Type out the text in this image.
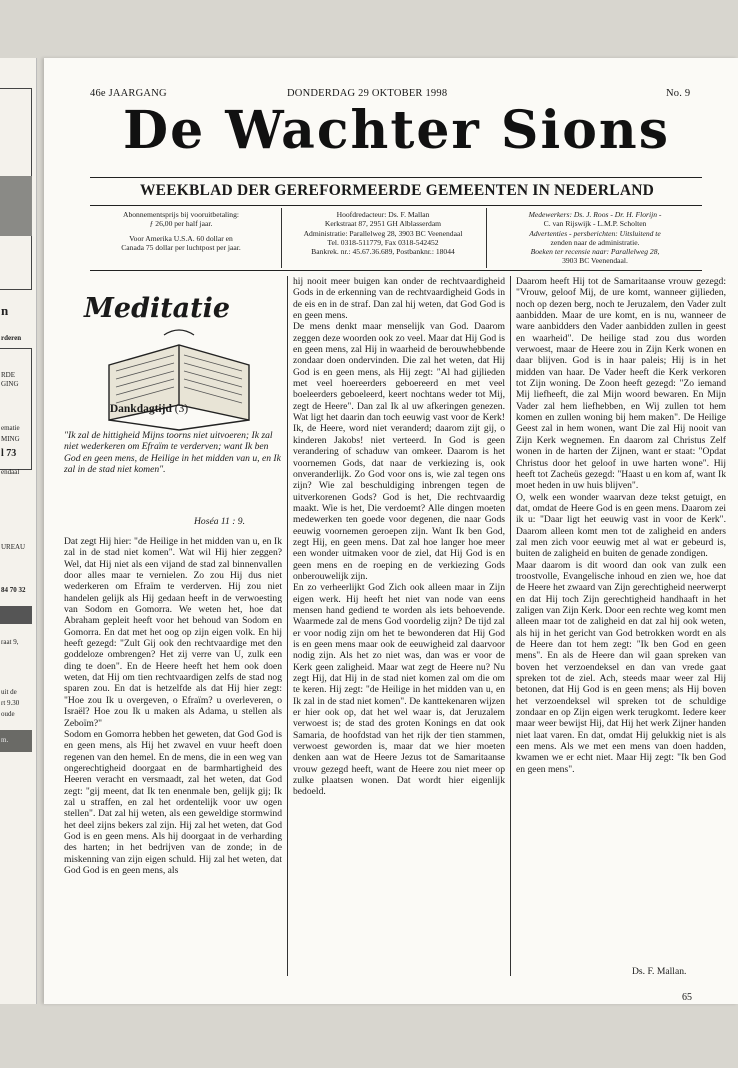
n
rderen
RDE
GING
ematie
MING
l 73
endaal
UREAU
84 70 32
raat 9,
uit de
rt 9.30
oude
m.
46e JAARGANG	DONDERDAG 29 OKTOBER 1998	No. 9
De Wachter Sions
WEEKBLAD DER GEREFORMEERDE GEMEENTEN IN NEDERLAND
Abonnementsprijs bij vooruitbetaling:
ƒ 26,00 per half jaar.
Voor Amerika U.S.A. 60 dollar en
Canada 75 dollar per luchtpost per jaar.
Hoofdredacteur: Ds. F. Mallan
Kerkstraat 87, 2951 GH Alblasserdam
Administratie: Parallelweg 28, 3903 BC Veenendaal
Tel. 0318-511779, Fax 0318-542452
Bankrek. nr.: 45.67.36.689, Postbanknr.: 18044
Medewerkers: Ds. J. Roos - Dr. H. Florijn -
C. van Rijswijk - L.M.P. Scholten
Advertenties - persberichten: Uitsluitend te
zenden naar de administratie.
Boeken ter recensie naar: Parallelweg 28,
3903 BC Veenendaal.
Meditatie
Dankdagtijd (3)
"Ik zal de hittigheid Mijns toorns niet uitvoeren; Ik zal niet wederkeren om Efraïm te verderven; want Ik ben God en geen mens, de Heilige in het midden van u, en Ik zal in de stad niet komen".
Hoséa 11 : 9.

Dat zegt Hij hier: "de Heilige in het midden van u, en Ik zal in de stad niet komen". Wat wil Hij hier zeggen? Wel, dat Hij niet als een vijand de stad zal binnenvallen door alles maar te vernielen. Zo zou Hij dus niet wederkeren om Efraïm te verderven. Hij zou niet handelen gelijk als Hij gedaan heeft in de verwoesting van Sodom en Gomorra. We weten het, hoe dat Abraham gepleit heeft voor het behoud van Sodom en Gomorra. En dat met het oog op zijn eigen volk. En hij heeft gezegd: "Zult Gij ook den rechtvaardige met den goddeloze ombrengen? Het zij verre van U, zulk een ding te doen". En de Heere heeft het hem ook doen weten, dat Hij om tien rechtvaardigen zelfs de stad nog sparen zou. En dat is hetzelfde als dat Hij hier zegt: "Hoe zou Ik u overgeven, o Efraïm? u overleveren, o Israël? Hoe zou Ik u maken als Adama, u stellen als Zeboïm?"

Sodom en Gomorra hebben het geweten, dat God God is en geen mens, als Hij het zwavel en vuur heeft doen regenen van den hemel. En de mens, die in een weg van ongerechtigheid doorgaat en de barmhartigheid des Heeren veracht en versmaadt, zal het weten, dat God zegt: "gij meent, dat Ik ten enenmale ben, gelijk gij; Ik zal u straffen, en zal het ordentelijk voor uw ogen stellen". Dat zal hij weten, als een geweldige stormwind het deel zijns bekers zal zijn. Hij zal het weten, dat God God is en geen mens. Als hij doorgaat in de verharding des harten; in het bedrijven van de zonde; in de miskenning van zijn eigen schuld. Hij zal het weten, dat God God is en geen mens, als

hij nooit meer buigen kan onder de rechtvaardigheid Gods in de erkenning van de rechtvaardigheid Gods in de eis en in de straf. Dan zal hij weten, dat God God is en geen mens.

De mens denkt maar menselijk van God. Daarom zeggen deze woorden ook zo veel. Maar dat Hij God is en geen mens, zal Hij in waarheid de berouwhebbende zondaar doen ondervinden. Die zal het weten, dat Hij God is en geen mens, als Hij zegt: "Al had gijlieden met veel hoereerders geboereerd en met veel boeleerders geboeleerd, keert nochtans weder tot Mij, zegt de Heere". Dan zal Ik al uw afkeringen genezen. Wat ligt het daarin dan toch eeuwig vast voor de Kerk! Ik, de Heere, word niet veranderd; daarom zijt gij, o kinderen Jakobs! niet verteerd. In God is geen verandering of schaduw van omkeer. Daarom is het voornemen Gods, dat naar de verkiezing is, ook onveranderlijk. Zo God voor ons is, wie zal tegen ons zijn? Wie zal beschuldiging inbrengen tegen de uitverkorenen Gods? God is het, Die rechtvaardig maakt. Wie is het, Die verdoemt? Alle dingen moeten medewerken ten goede voor degenen, die naar Gods eeuwig voornemen geroepen zijn. Want Ik ben God, zegt Hij, en geen mens. Dat zal hoe langer hoe meer een wonder uitmaken voor de ziel, dat Hij God is en geen mens en de roeping en de verkiezing Gods onberouwelijk zijn.

En zo verheerlijkt God Zich ook alleen maar in Zijn eigen werk. Hij heeft het niet van node van eens mensen hand gediend te worden als iets behoevende. Waarmede zal de mens God voordelig zijn? De tijd zal er voor nodig zijn om het te bewonderen dat Hij God is en geen mens maar ook de eeuwigheid zal daarvoor nodig zijn. Als het zo niet was, dan was er voor de Kerk geen zaligheid. Maar wat zegt de Heere nu? Nu zegt Hij, dat Hij in de stad niet komen zal om die om te keren. Hij zegt: "de Heilige in het midden van u, en Ik zal in de stad niet komen". De kanttekenaren wijzen er hier ook op, dat het wel waar is, dat Jeruzalem verwoest is; de stad des groten Konings en dat ook Samaria, de hoofdstad van het rijk der tien stammen, verwoest geworden is, maar dat we hier moeten denken aan wat de Heere Jezus tot de Samaritaanse vrouw gezegd heeft, want de Heere zou niet meer op zulke plaatsen wonen. Dat wordt hier eigenlijk bedoeld.

Daarom heeft Hij tot de Samaritaanse vrouw gezegd: "Vrouw, geloof Mij, de ure komt, wanneer gijlieden, noch op dezen berg, noch te Jeruzalem, den Vader zult aanbidden. Maar de ure komt, en is nu, wanneer de ware aanbidders den Vader aanbidden zullen in geest en waarheid". De heilige stad zou dus worden verwoest, maar de Heere zou in Zijn Kerk wonen en daar blijven. God is in haar paleis; Hij is in het midden van haar. De Vader heeft die Kerk verkoren tot Zijn woning. De Zoon heeft gezegd: "Zo iemand Mij liefheeft, die zal Mijn woord bewaren. En Mijn Vader zal hem liefhebben, en Wij zullen tot hem komen en zullen woning bij hem maken". De Heilige Geest zal in hem wonen, want Die zal Hij nooit van Zijn Kerk wegnemen. En daarom zal Christus Zelf wonen in de harten der Zijnen, want er staat: "Opdat Christus door het geloof in uwe harten wone". Hij heeft tot Zacheüs gezegd: "Haast u en kom af, want Ik moet heden in uw huis blijven".

O, welk een wonder waarvan deze tekst getuigt, en dat, omdat de Heere God is en geen mens. Daarom zei ik u: "Daar ligt het eeuwig vast in voor de Kerk". Daarom alleen komt men tot de zaligheid en anders zal men zich voor eeuwig met al wat er gebeurd is, buiten de zaligheid en buiten de genade zondigen.

Maar daarom is dit woord dan ook van zulk een troostvolle, Evangelische inhoud en zien we, hoe dat de Heere het zwaard van Zijn gerechtigheid neerwerpt en dat Hij toch Zijn gerechtigheid handhaaft in het zaligen van Zijn Kerk. Door een rechte weg komt men alleen maar tot de zaligheid en dat zal hij ook weten, als hij in het gericht van God betrokken wordt en als de Heere dan tot hem zegt: "Ik ben God en geen mens". En als de Heere dan wil gaan spreken van boven het verzoendeksel en dan van vrede gaat spreken tot de ziel. Ach, steeds maar weer zal Hij betonen, dat Hij God is en geen mens; als Hij boven het verzoendeksel wil spreken tot de schuldige zondaar en op Zijn eigen werk terugkomt. Iedere keer maar weer bewijst Hij, dat Hij het werk Zijner handen niet laat varen. En dat, omdat Hij gelukkig niet is als een mens. Als we met een mens van doen hadden, kwamen we er echt niet. Maar Hij zegt: "Ik ben God en geen mens".

Ds. F. Mallan.
65
